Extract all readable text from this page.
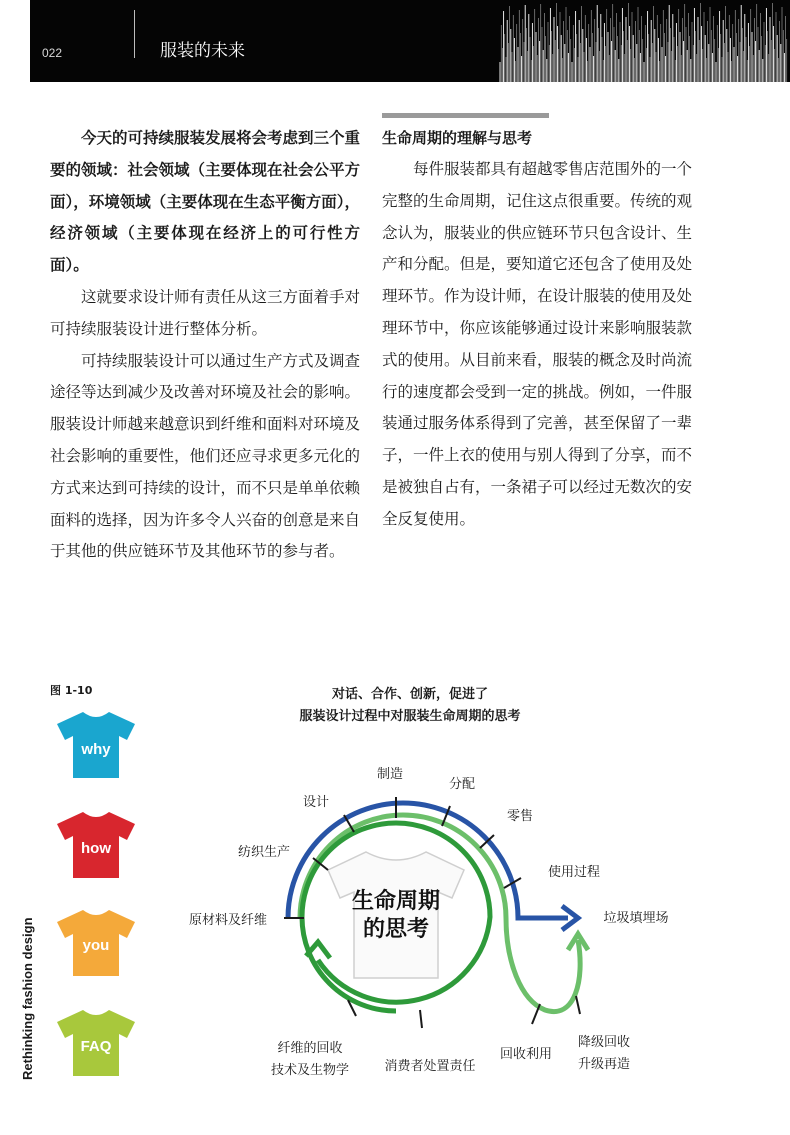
022	服装的未来

今天的可持续服装发展将会考虑到三个重要的领域：社会领域（主要体现在社会公平方面），环境领域（主要体现在生态平衡方面），经济领域（主要体现在经济上的可行性方面）。

这就要求设计师有责任从这三方面着手对可持续服装设计进行整体分析。

可持续服装设计可以通过生产方式及调查途径等达到减少及改善对环境及社会的影响。服装设计师越来越意识到纤维和面料对环境及社会影响的重要性，他们还应寻求更多元化的方式来达到可持续的设计，而不只是单单依赖面料的选择，因为许多令人兴奋的创意是来自于其他的供应链环节及其他环节的参与者。

生命周期的理解与思考

每件服装都具有超越零售店范围外的一个完整的生命周期，记住这点很重要。传统的观念认为，服装业的供应链环节只包含设计、生产和分配。但是，要知道它还包含了使用及处理环节。作为设计师，在设计服装的使用及处理环节中，你应该能够通过设计来影响服装款式的使用。从目前来看，服装的概念及时尚流行的速度都会受到一定的挑战。例如，一件服装通过服务体系得到了完善，甚至保留了一辈子，一件上衣的使用与别人得到了分享，而不是被独自占有，一条裙子可以经过无数次的安全反复使用。

图 1-10	对话、合作、创新，促进了
服装设计过程中对服装生命周期的思考
why
how
you
FAQ
Rethinking fashion design
生命周期
的思考
制造
分配
设计
零售
纺织生产
使用过程
原材料及纤维	垃圾填埋场
纤维的回收
技术及生物学	消费者处置责任
回收利用
降级回收
升级再造
